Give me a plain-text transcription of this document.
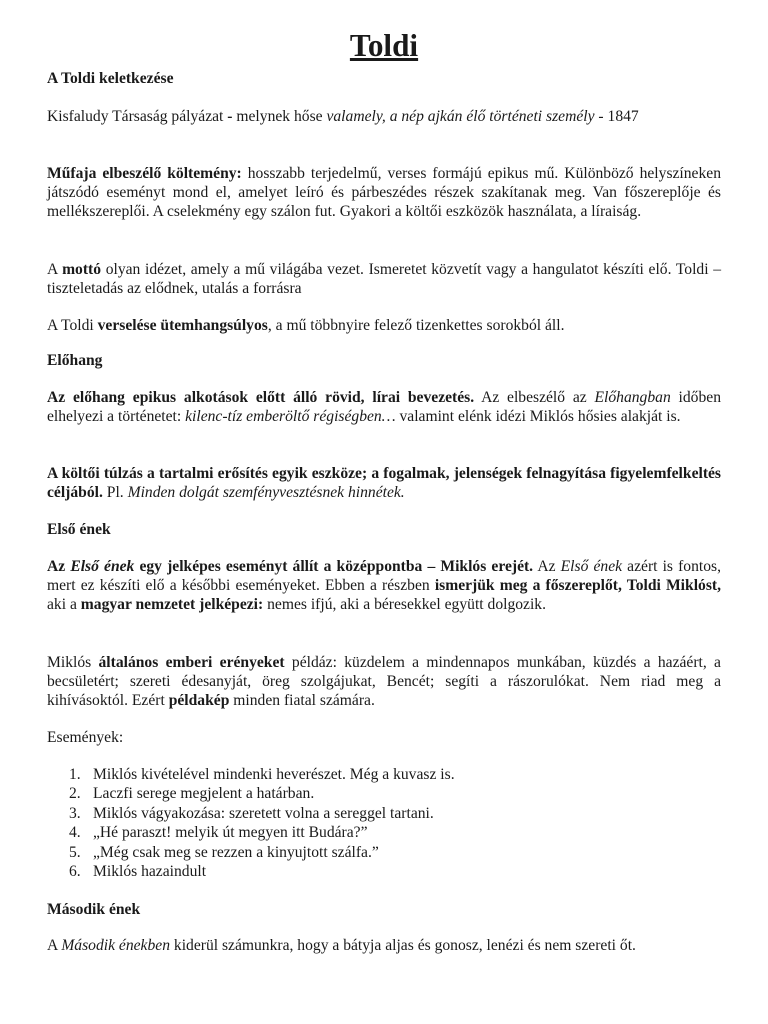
Toldi
A Toldi keletkezése

Kisfaludy Társaság pályázat - melynek hőse valamely, a nép ajkán élő történeti személy - 1847

Műfaja elbeszélő költemény: hosszabb terjedelmű, verses formájú epikus mű. Különböző helyszíneken játszódó eseményt mond el, amelyet leíró és párbeszédes részek szakítanak meg. Van főszereplője és mellékszereplői. A cselekmény egy szálon fut. Gyakori a költői eszközök használata, a líraiság.

A mottó olyan idézet, amely a mű világába vezet. Ismeretet közvetít vagy a hangulatot készíti elő. Toldi – tiszteletadás az elődnek, utalás a forrásra

A Toldi verselése ütemhangsúlyos, a mű többnyire felező tizenkettes sorokból áll.

Előhang

Az előhang epikus alkotások előtt álló rövid, lírai bevezetés. Az elbeszélő az Előhangban időben elhelyezi a történetet: kilenc-tíz emberöltő régiségben… valamint elénk idézi Miklós hősies alakját is.

A költői túlzás a tartalmi erősítés egyik eszköze; a fogalmak, jelenségek felnagyítása figyelemfelkeltés céljából. Pl. Minden dolgát szemfényvesztésnek hinnétek.

Első ének

Az Első ének egy jelképes eseményt állít a középpontba – Miklós erejét. Az Első ének azért is fontos, mert ez készíti elő a későbbi eseményeket. Ebben a részben ismerjük meg a főszereplőt, Toldi Miklóst, aki a magyar nemzetet jelképezi: nemes ifjú, aki a béresekkel együtt dolgozik.

Miklós általános emberi erényeket példáz: küzdelem a mindennapos munkában, küzdés a hazáért, a becsületért; szereti édesanyját, öreg szolgájukat, Bencét; segíti a rászorulókat. Nem riad meg a kihívásoktól. Ezért példakép minden fiatal számára.

Események:

1. Miklós kivételével mindenki heverészet. Még a kuvasz is.
2. Laczfi serege megjelent a határban.
3. Miklós vágyakozása: szeretett volna a sereggel tartani.
4. „Hé paraszt! melyik út megyen itt Budára?”
5. „Még csak meg se rezzen a kinyujtott szálfa.”
6. Miklós hazaindult
Második ének

A Második énekben kiderül számunkra, hogy a bátyja aljas és gonosz, lenézi és nem szereti őt.
